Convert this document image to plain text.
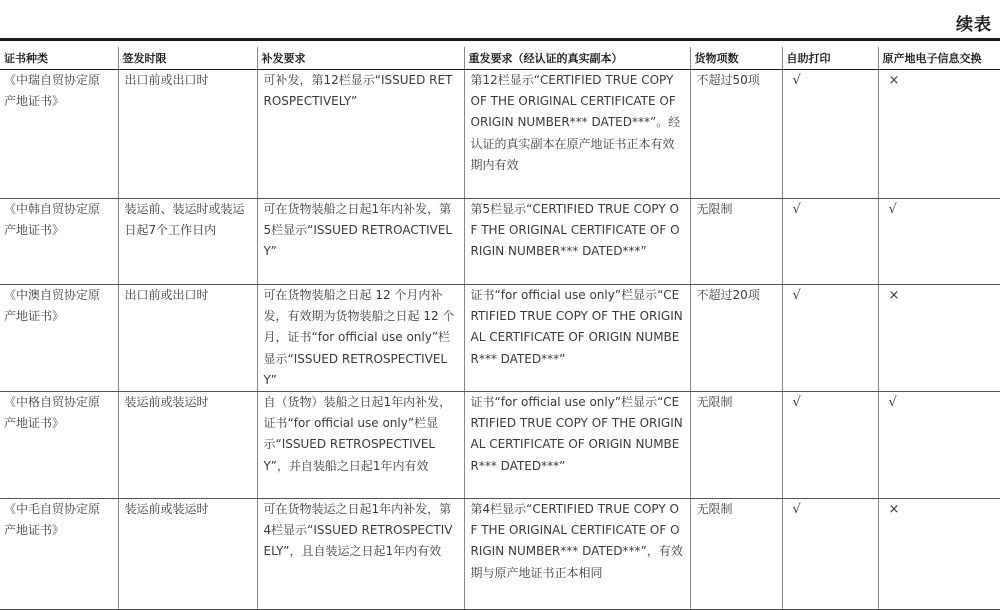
续表
证书种类	签发时限	补发要求	重发要求（经认证的真实副本）	货物项数	自助打印	原产地电子信息交换
《中瑞自贸协定原产地证书》	出口前或出口时	可补发，第12栏显示“ISSUED RETROSPECTIVELY”	第12栏显示“CERTIFIED TRUE COPY OF THE ORIGINAL CERTIFICATE OF ORIGIN NUMBER*** DATED***”。经认证的真实副本在原产地证书正本有效期内有效	不超过50项	√	×
《中韩自贸协定原产地证书》	装运前、装运时或装运日起7个工作日内	可在货物装船之日起1年内补发，第5栏显示“ISSUED RETROACTIVELY”	第5栏显示“CERTIFIED TRUE COPY OF THE ORIGINAL CERTIFICATE OF ORIGIN NUMBER*** DATED***”	无限制	√	√
《中澳自贸协定原产地证书》	出口前或出口时	可在货物装船之日起 12 个月内补发，有效期为货物装船之日起 12 个月，证书“for official use only”栏显示“ISSUED RETROSPECTIVELY”	证书“for official use only”栏显示“CERTIFIED TRUE COPY OF THE ORIGINAL CERTIFICATE OF ORIGIN NUMBER*** DATED***”	不超过20项	√	×
《中格自贸协定原产地证书》	装运前或装运时	自（货物）装船之日起1年内补发，证书“for official use only”栏显示“ISSUED RETROSPECTIVELY”，并自装船之日起1年内有效	证书“for official use only”栏显示“CERTIFIED TRUE COPY OF THE ORIGINAL CERTIFICATE OF ORIGIN NUMBER*** DATED***”	无限制	√	√
《中毛自贸协定原产地证书》	装运前或装运时	可在货物装运之日起1年内补发，第4栏显示“ISSUED RETROSPECTIVELY”，且自装运之日起1年内有效	第4栏显示“CERTIFIED TRUE COPY OF THE ORIGINAL CERTIFICATE OF ORIGIN NUMBER*** DATED***”，有效期与原产地证书正本相同	无限制	√	×
